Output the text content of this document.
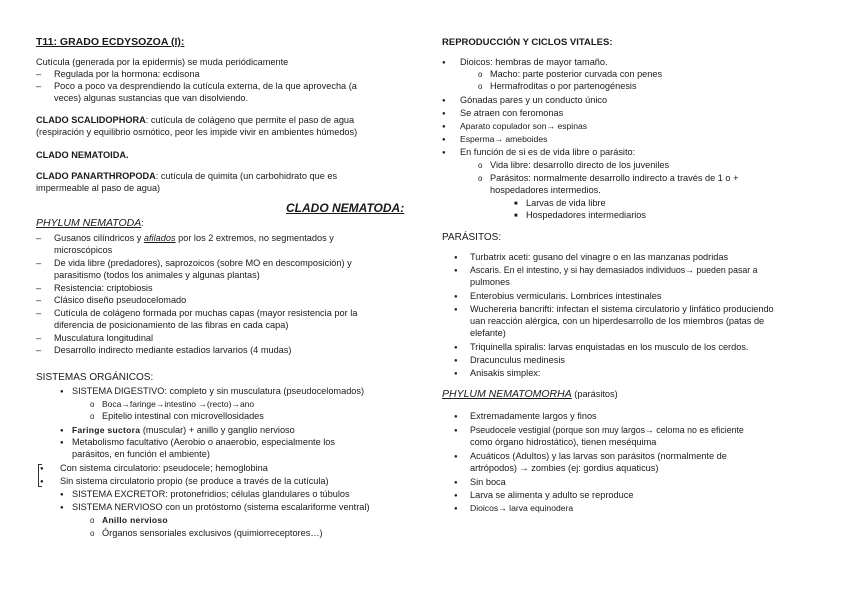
T11: GRADO ECDYSOZOA (I):
Cutícula (generada por la epidermis) se muda periódicamente
–Regulada por la hormona: ecdisona
–Poco a poco va desprendiendo la cutícula externa, de la que aprovecha (a
veces) algunas sustancias que van disolviendo.
CLADO SCALIDOPHORA: cutícula de colágeno que permite el paso de agua
(respiración y equilibrio osmótico, peor les impide vivir en ambientes húmedos)
CLADO NEMATOIDA.
CLADO PANARTHROPODA: cutícula de quimita (un carbohidrato que es
impermeable al paso de agua)
CLADO NEMATODA:
PHYLUM NEMATODA:
–Gusanos cilíndricos y afilados por los 2 extremos, no segmentados y
microscópicos
–De vida libre (predadores), saprozoicos (sobre MO en descomposición) y
parasitismo (todos los animales y algunas plantas)
–Resistencia: criptobiosis
–Clásico diseño pseudocelomado
–Cutícula de colágeno formada por muchas capas (mayor resistencia por la
diferencia de posicionamiento de las fibras en cada capa)
–Musculatura longitudinal
–Desarrollo indirecto mediante estadios larvarios (4 mudas)
SISTEMAS ORGÁNICOS:
●SISTEMA DIGESTIVO: completo y sin musculatura (pseudocelomados)
oBoca→faringe→intestino →(recto)→ano
oEpitelio intestinal con microvellosidades
●Faringe suctora (muscular) + anillo y ganglio nervioso
●Metabolismo facultativo (Aerobio o anaerobio, especialmente los
parásitos, en función el ambiente)
●Con sistema circulatorio: pseudocele; hemoglobina
●Sin sistema circulatorio propio (se produce a través de la cutícula)
●SISTEMA EXCRETOR: protonefridios; células glandulares o túbulos
●SISTEMA NERVIOSO con un protóstomo (sistema escalariforme ventral)
oAnillo nervioso
oÓrganos sensoriales exclusivos (quimiorreceptores…)
REPRODUCCIÓN Y CICLOS VITALES:
●Dioicos: hembras de mayor tamaño.
oMacho: parte posterior curvada con penes
oHermafroditas o por partenogénesis
●Gónadas pares y un conducto único
●Se atraen con feromonas
●Aparato copulador son→ espinas
●Esperma→ ameboides
●En función de si es de vida libre o parásito:
oVida libre: desarrollo directo de los juveniles
oParásitos: normalmente desarrollo indirecto a través de 1 o +
hospedadores intermedios.
■Larvas de vida libre
■Hospedadores intermediarios
PARÁSITOS:
●Turbatrix aceti: gusano del vinagre o en las manzanas podridas
●Ascaris. En el intestino, y si hay demasiados individuos→ pueden pasar a
pulmones
●Enterobius vermicularis. Lombrices intestinales
●Wuchereria bancrifti: infectan el sistema circulatorio y linfático produciendo
uan reacción alérgica, con un hiperdesarrollo de los miembros (patas de
elefante)
●Triquinella spiralis: larvas enquistadas en los musculo de los cerdos.
●Dracunculus medinesis
●Anisakis simplex:
PHYLUM NEMATOMORHA (parásitos)
●Extremadamente largos y finos
●Pseudocele vestigial (porque son muy largos→ celoma no es eficiente
como órgano hidrostático), tienen meséquima
●Acuáticos (Adultos) y las larvas son parásitos (normalmente de
artrópodos) → zombies (ej: gordius aquaticus)
●Sin boca
●Larva se alimenta y adulto se reproduce
●Dioicos→ larva equinodera
